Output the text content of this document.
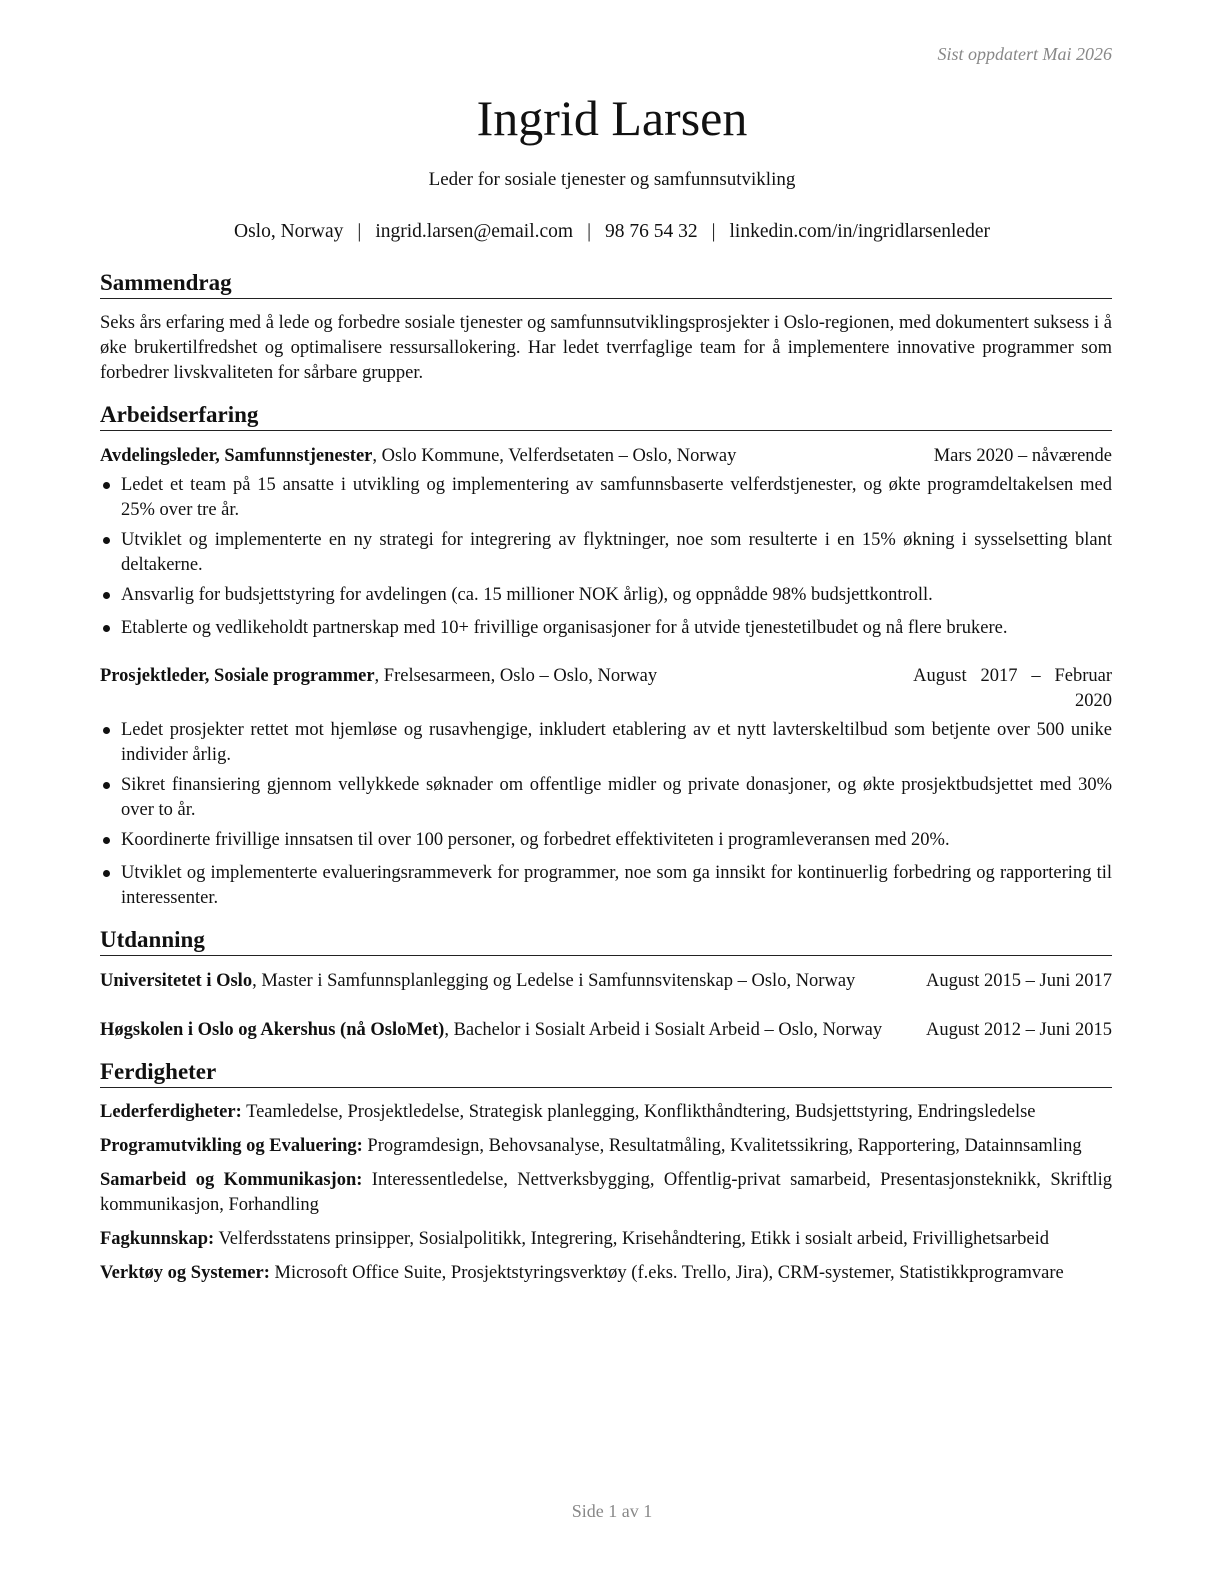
Sist oppdatert Mai 2026
Ingrid Larsen
Leder for sosiale tjenester og samfunnsutvikling
Oslo, Norway | ingrid.larsen@email.com | 98 76 54 32 | linkedin.com/in/ingridlarsenleder
Sammendrag

Seks års erfaring med å lede og forbedre sosiale tjenester og samfunnsutviklingsprosjekter i Oslo-regionen, med dokumentert suksess i å øke brukertilfredshet og optimalisere ressursallokering. Har ledet tverrfaglige team for å implementere innovative programmer som forbedrer livskvaliteten for sårbare grupper.

Arbeidserfaring
Avdelingsleder, Samfunnstjenester, Oslo Kommune, Velferdsetaten – Oslo, Norway	Mars 2020 – nåværende
Ledet et team på 15 ansatte i utvikling og implementering av samfunnsbaserte velferdstjenester, og økte programdeltakelsen med 25% over tre år.
Utviklet og implementerte en ny strategi for integrering av flyktninger, noe som resulterte i en 15% økning i sysselsetting blant deltakerne.
Ansvarlig for budsjettstyring for avdelingen (ca. 15 millioner NOK årlig), og oppnådde 98% budsjettkontroll.
Etablerte og vedlikeholdt partnerskap med 10+ frivillige organisasjoner for å utvide tjenestetilbudet og nå flere brukere.
Prosjektleder, Sosiale programmer, Frelsesarmeen, Oslo – Oslo, Norway	August   2017   –   Februar
2020
Ledet prosjekter rettet mot hjemløse og rusavhengige, inkludert etablering av et nytt lavterskeltilbud som betjente over 500 unike individer årlig.
Sikret finansiering gjennom vellykkede søknader om offentlige midler og private donasjoner, og økte prosjektbudsjettet med 30% over to år.
Koordinerte frivillige innsatsen til over 100 personer, og forbedret effektiviteten i programleveransen med 20%.
Utviklet og implementerte evalueringsrammeverk for programmer, noe som ga innsikt for kontinuerlig forbedring og rapportering til interessenter.
Utdanning
Universitetet i Oslo, Master i Samfunnsplanlegging og Ledelse i Samfunnsvitenskap – Oslo, Norway	August 2015 – Juni 2017
Høgskolen i Oslo og Akershus (nå OsloMet), Bachelor i Sosialt Arbeid i Sosialt Arbeid – Oslo, Norway	August 2012 – Juni 2015
Ferdigheter
Lederferdigheter: Teamledelse, Prosjektledelse, Strategisk planlegging, Konflikthåndtering, Budsjettstyring, Endringsledelse
Programutvikling og Evaluering: Programdesign, Behovsanalyse, Resultatmåling, Kvalitetssikring, Rapportering, Datainnsamling
Samarbeid og Kommunikasjon: Interessentledelse, Nettverksbygging, Offentlig-privat samarbeid, Presentasjonsteknikk, Skriftlig kommunikasjon, Forhandling
Fagkunnskap: Velferdsstatens prinsipper, Sosialpolitikk, Integrering, Krisehåndtering, Etikk i sosialt arbeid, Frivillighetsarbeid
Verktøy og Systemer: Microsoft Office Suite, Prosjektstyringsverktøy (f.eks. Trello, Jira), CRM-systemer, Statistikkprogramvare
Side 1 av 1
